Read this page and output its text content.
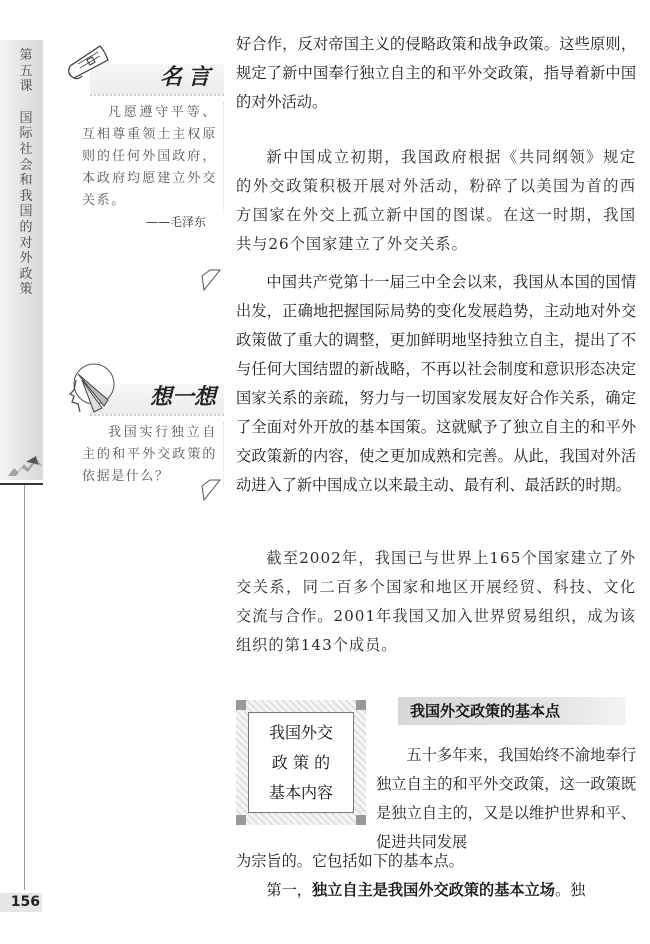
第五课
国际社会和我国的对外政策
156
名言
凡愿遵守平等、互相尊重领土主权原则的任何外国政府，本政府均愿建立外交关系。
——毛泽东
想一想
我国实行独立自主的和平外交政策的依据是什么？

好合作，反对帝国主义的侵略政策和战争政策。这些原则，规定了新中国奉行独立自主的和平外交政策，指导着新中国的对外活动。

新中国成立初期，我国政府根据《共同纲领》规定的外交政策积极开展对外活动，粉碎了以美国为首的西方国家在外交上孤立新中国的图谋。在这一时期，我国共与26个国家建立了外交关系。

中国共产党第十一届三中全会以来，我国从本国的国情出发，正确地把握国际局势的变化发展趋势，主动地对外交政策做了重大的调整，更加鲜明地坚持独立自主，提出了不与任何大国结盟的新战略，不再以社会制度和意识形态决定国家关系的亲疏，努力与一切国家发展友好合作关系，确定了全面对外开放的基本国策。这就赋予了独立自主的和平外交政策新的内容，使之更加成熟和完善。从此，我国对外活动进入了新中国成立以来最主动、最有利、最活跃的时期。

截至2002年，我国已与世界上165个国家建立了外交关系，同二百多个国家和地区开展经贸、科技、文化交流与合作。2001年我国又加入世界贸易组织，成为该组织的第143个成员。

我国外交
政 策 的
基本内容
我国外交政策的基本点

五十多年来，我国始终不渝地奉行独立自主的和平外交政策，这一政策既是独立自主的，又是以维护世界和平、促进共同发展

第一，独立自主是我国外交政策的基本立场。独

为宗旨的。它包括如下的基本点。
